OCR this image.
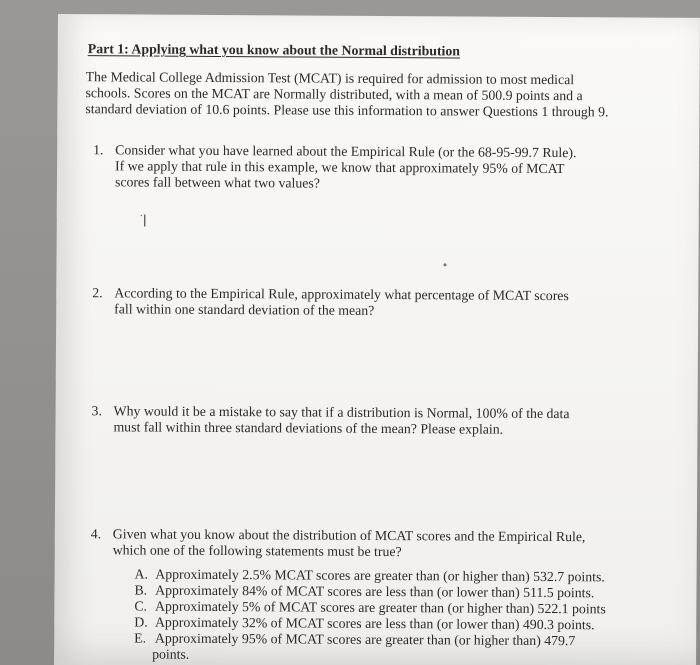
Part 1: Applying what you know about the Normal distribution
The Medical College Admission Test (MCAT) is required for admission to most medical
schools. Scores on the MCAT are Normally distributed, with a mean of 500.9 points and a
standard deviation of 10.6 points. Please use this information to answer Questions 1 through 9.
1. Consider what you have learned about the Empirical Rule (or the 68-95-99.7 Rule).
If we apply that rule in this example, we know that approximately 95% of MCAT
scores fall between what two values?
2. According to the Empirical Rule, approximately what percentage of MCAT scores
fall within one standard deviation of the mean?
3. Why would it be a mistake to say that if a distribution is Normal, 100% of the data
must fall within three standard deviations of the mean? Please explain.
4. Given what you know about the distribution of MCAT scores and the Empirical Rule,
which one of the following statements must be true?
A. Approximately 2.5% MCAT scores are greater than (or higher than) 532.7 points.
B. Approximately 84% of MCAT scores are less than (or lower than) 511.5 points.
C. Approximately 5% of MCAT scores are greater than (or higher than) 522.1 points
D. Approximately 32% of MCAT scores are less than (or lower than) 490.3 points.
E. Approximately 95% of MCAT scores are greater than (or higher than) 479.7
points.
